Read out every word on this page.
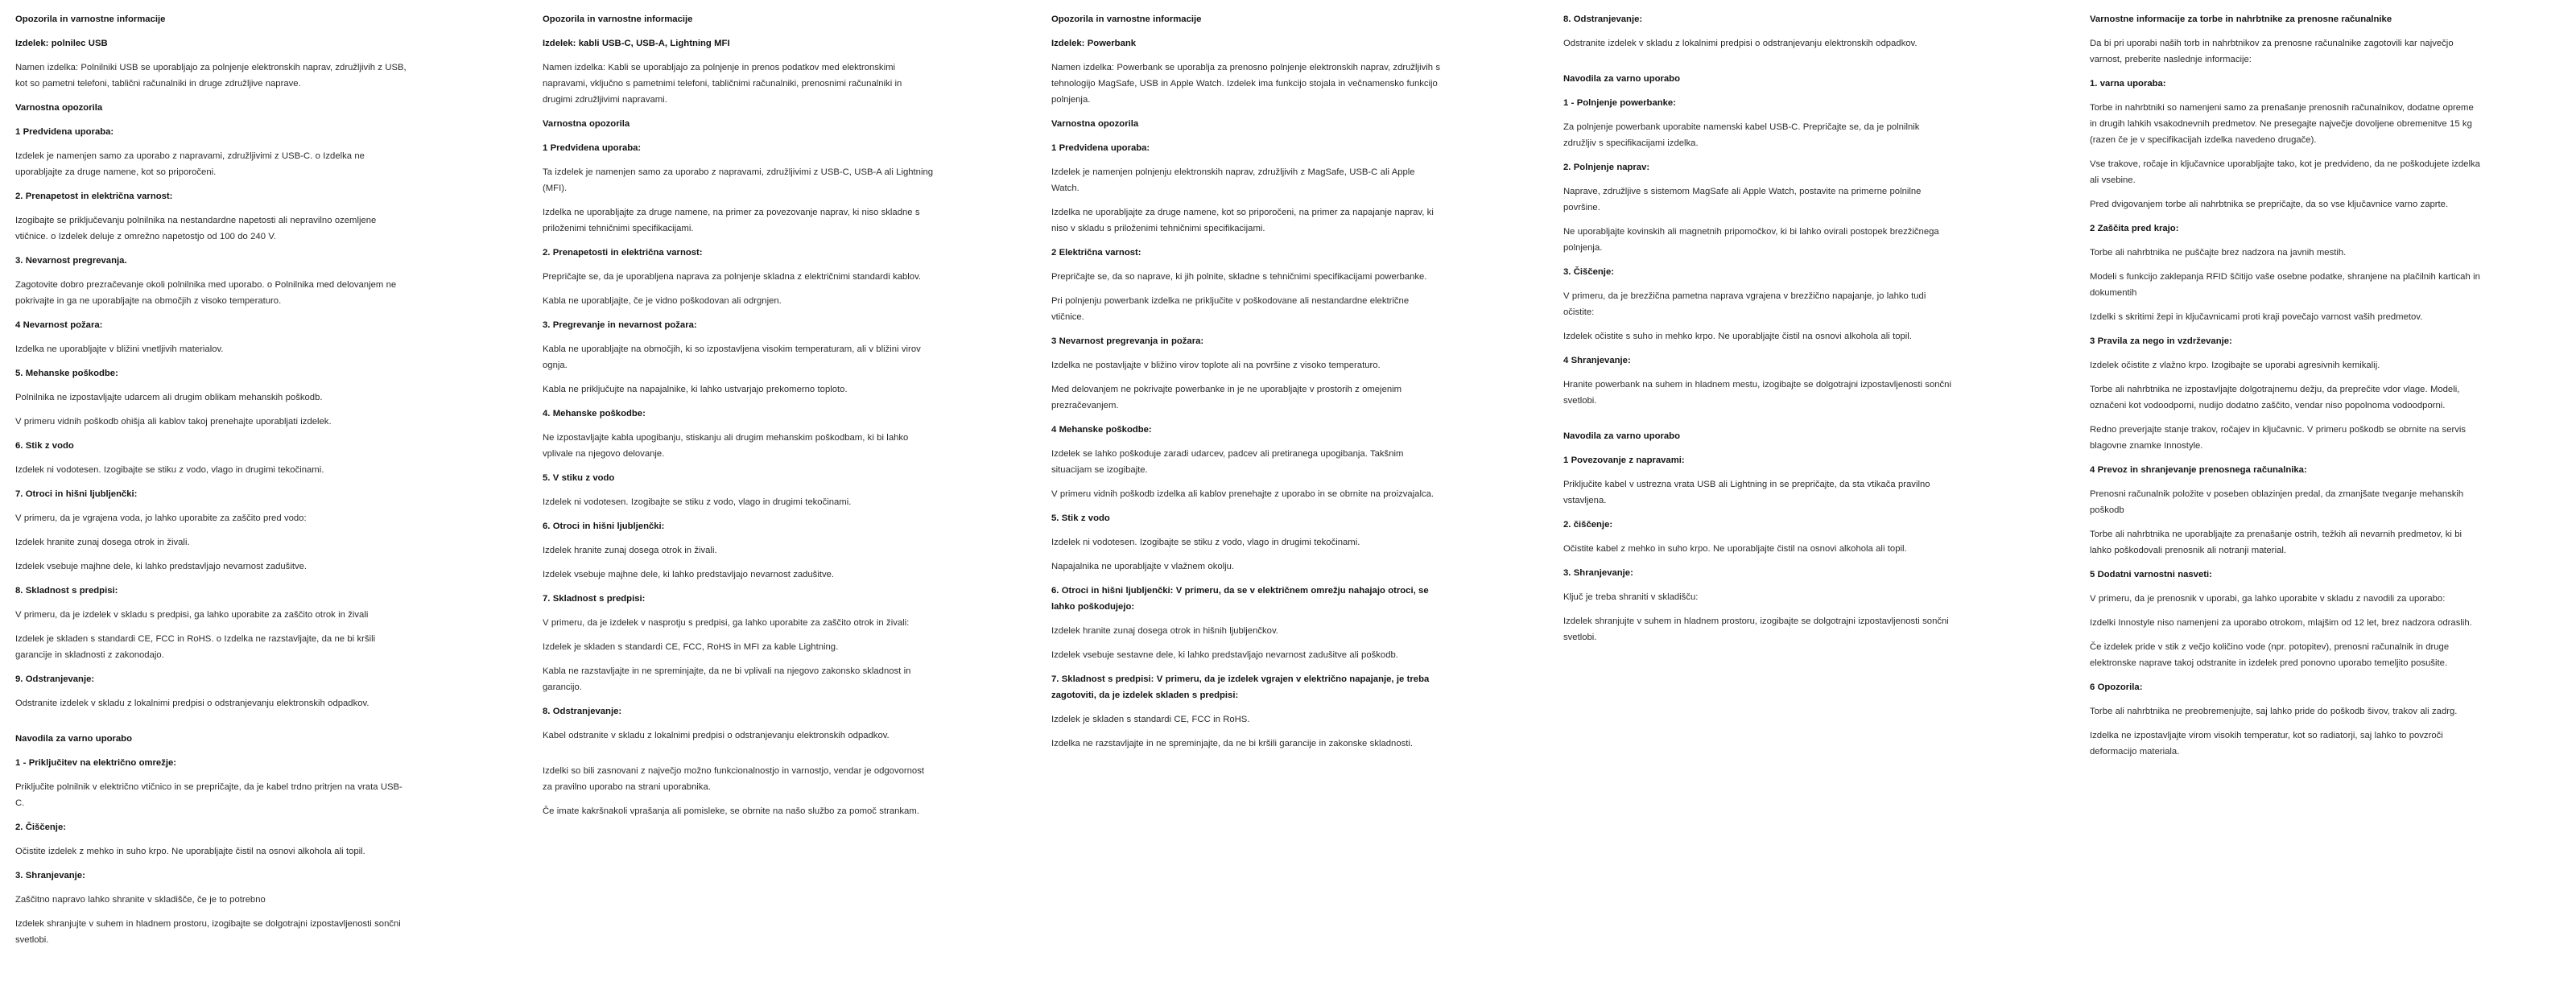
Opozorila in varnostne informacije
Izdelek: polnilec USB
Namen izdelka: Polnilniki USB se uporabljajo za polnjenje elektronskih naprav, združljivih z USB, kot so pametni telefoni, tablični računalniki in druge združljive naprave.
Varnostna opozorila
1 Predvidena uporaba:
Izdelek je namenjen samo za uporabo z napravami, združljivimi z USB-C. o Izdelka ne uporabljajte za druge namene, kot so priporočeni.
2. Prenapetost in električna varnost:
Izogibajte se priključevanju polnilnika na nestandardne napetosti ali nepravilno ozemljene vtičnice. o Izdelek deluje z omrežno napetostjo od 100 do 240 V.
3. Nevarnost pregrevanja.
Zagotovite dobro prezračevanje okoli polnilnika med uporabo. o Polnilnika med delovanjem ne pokrivajte in ga ne uporabljajte na območjih z visoko temperaturo.
4 Nevarnost požara:
Izdelka ne uporabljajte v bližini vnetljivih materialov.
5. Mehanske poškodbe:
Polnilnika ne izpostavljajte udarcem ali drugim oblikam mehanskih poškodb.
V primeru vidnih poškodb ohišja ali kablov takoj prenehajte uporabljati izdelek.
6. Stik z vodo
Izdelek ni vodotesen. Izogibajte se stiku z vodo, vlago in drugimi tekočinami.
7. Otroci in hišni ljubljenčki:
V primeru, da je vgrajena voda, jo lahko uporabite za zaščito pred vodo:
Izdelek hranite zunaj dosega otrok in živali.
Izdelek vsebuje majhne dele, ki lahko predstavljajo nevarnost zadušitve.
8. Skladnost s predpisi:
V primeru, da je izdelek v skladu s predpisi, ga lahko uporabite za zaščito otrok in živali
Izdelek je skladen s standardi CE, FCC in RoHS. o Izdelka ne razstavljajte, da ne bi kršili garancije in skladnosti z zakonodajo.
9. Odstranjevanje:
Odstranite izdelek v skladu z lokalnimi predpisi o odstranjevanju elektronskih odpadkov.
Navodila za varno uporabo
1 - Priključitev na električno omrežje:
Priključite polnilnik v električno vtičnico in se prepričajte, da je kabel trdno pritrjen na vrata USB-C.
2. Čiščenje:
Očistite izdelek z mehko in suho krpo. Ne uporabljajte čistil na osnovi alkohola ali topil.
3. Shranjevanje:
Zaščitno napravo lahko shranite v skladišče, če je to potrebno
Izdelek shranjujte v suhem in hladnem prostoru, izogibajte se dolgotrajni izpostavljenosti sončni svetlobi.
Opozorila in varnostne informacije
Izdelek: kabli USB-C, USB-A, Lightning MFI
Namen izdelka: Kabli se uporabljajo za polnjenje in prenos podatkov med elektronskimi napravami, vključno s pametnimi telefoni, tabličnimi računalniki, prenosnimi računalniki in drugimi združljivimi napravami.
Varnostna opozorila
1 Predvidena uporaba:
Ta izdelek je namenjen samo za uporabo z napravami, združljivimi z USB-C, USB-A ali Lightning (MFI).
Izdelka ne uporabljajte za druge namene, na primer za povezovanje naprav, ki niso skladne s priloženimi tehničnimi specifikacijami.
2. Prenapetosti in električna varnost:
Prepričajte se, da je uporabljena naprava za polnjenje skladna z električnimi standardi kablov.
Kabla ne uporabljajte, če je vidno poškodovan ali odrgnjen.
3. Pregrevanje in nevarnost požara:
Kabla ne uporabljajte na območjih, ki so izpostavljena visokim temperaturam, ali v bližini virov ognja.
Kabla ne priključujte na napajalnike, ki lahko ustvarjajo prekomerno toploto.
4. Mehanske poškodbe:
Ne izpostavljajte kabla upogibanju, stiskanju ali drugim mehanskim poškodbam, ki bi lahko vplivale na njegovo delovanje.
5. V stiku z vodo
Izdelek ni vodotesen. Izogibajte se stiku z vodo, vlago in drugimi tekočinami.
6. Otroci in hišni ljubljenčki:
Izdelek hranite zunaj dosega otrok in živali.
Izdelek vsebuje majhne dele, ki lahko predstavljajo nevarnost zadušitve.
7. Skladnost s predpisi:
V primeru, da je izdelek v nasprotju s predpisi, ga lahko uporabite za zaščito otrok in živali:
Izdelek je skladen s standardi CE, FCC, RoHS in MFI za kable Lightning.
Kabla ne razstavljajte in ne spreminjajte, da ne bi vplivali na njegovo zakonsko skladnost in garancijo.
8. Odstranjevanje:
Kabel odstranite v skladu z lokalnimi predpisi o odstranjevanju elektronskih odpadkov.
Izdelki so bili zasnovani z največjo možno funkcionalnostjo in varnostjo, vendar je odgovornost za pravilno uporabo na strani uporabnika.
Če imate kakršnakoli vprašanja ali pomisleke, se obrnite na našo službo za pomoč strankam.
Opozorila in varnostne informacije
Izdelek: Powerbank
Namen izdelka: Powerbank se uporablja za prenosno polnjenje elektronskih naprav, združljivih s tehnologijo MagSafe, USB in Apple Watch. Izdelek ima funkcijo stojala in večnamensko funkcijo polnjenja.
Varnostna opozorila
1 Predvidena uporaba:
Izdelek je namenjen polnjenju elektronskih naprav, združljivih z MagSafe, USB-C ali Apple Watch.
Izdelka ne uporabljajte za druge namene, kot so priporočeni, na primer za napajanje naprav, ki niso v skladu s priloženimi tehničnimi specifikacijami.
2 Električna varnost:
Prepričajte se, da so naprave, ki jih polnite, skladne s tehničnimi specifikacijami powerbanke.
Pri polnjenju powerbank izdelka ne priključite v poškodovane ali nestandardne električne vtičnice.
3 Nevarnost pregrevanja in požara:
Izdelka ne postavljajte v bližino virov toplote ali na površine z visoko temperaturo.
Med delovanjem ne pokrivajte powerbanke in je ne uporabljajte v prostorih z omejenim prezračevanjem.
4 Mehanske poškodbe:
Izdelek se lahko poškoduje zaradi udarcev, padcev ali pretiranega upogibanja. Takšnim situacijam se izogibajte.
V primeru vidnih poškodb izdelka ali kablov prenehajte z uporabo in se obrnite na proizvajalca.
5. Stik z vodo
Izdelek ni vodotesen. Izogibajte se stiku z vodo, vlago in drugimi tekočinami.
Napajalnika ne uporabljajte v vlažnem okolju.
6. Otroci in hišni ljubljenčki: V primeru, da se v električnem omrežju nahajajo otroci, se lahko poškodujejo:
Izdelek hranite zunaj dosega otrok in hišnih ljubljenčkov.
Izdelek vsebuje sestavne dele, ki lahko predstavljajo nevarnost zadušitve ali poškodb.
7. Skladnost s predpisi: V primeru, da je izdelek vgrajen v električno napajanje, je treba zagotoviti, da je izdelek skladen s predpisi:
Izdelek je skladen s standardi CE, FCC in RoHS.
Izdelka ne razstavljajte in ne spreminjajte, da ne bi kršili garancije in zakonske skladnosti.
8. Odstranjevanje:
Odstranite izdelek v skladu z lokalnimi predpisi o odstranjevanju elektronskih odpadkov.
Navodila za varno uporabo
1 - Polnjenje powerbanke:
Za polnjenje powerbank uporabite namenski kabel USB-C. Prepričajte se, da je polnilnik združljiv s specifikacijami izdelka.
2. Polnjenje naprav:
Naprave, združljive s sistemom MagSafe ali Apple Watch, postavite na primerne polnilne površine.
Ne uporabljajte kovinskih ali magnetnih pripomočkov, ki bi lahko ovirali postopek brezžičnega polnjenja.
3. Čiščenje:
V primeru, da je brezžična pametna naprava vgrajena v brezžično napajanje, jo lahko tudi očistite:
Izdelek očistite s suho in mehko krpo. Ne uporabljajte čistil na osnovi alkohola ali topil.
4 Shranjevanje:
Hranite powerbank na suhem in hladnem mestu, izogibajte se dolgotrajni izpostavljenosti sončni svetlobi.
Navodila za varno uporabo
1 Povezovanje z napravami:
Priključite kabel v ustrezna vrata USB ali Lightning in se prepričajte, da sta vtikača pravilno vstavljena.
2. čiščenje:
Očistite kabel z mehko in suho krpo. Ne uporabljajte čistil na osnovi alkohola ali topil.
3. Shranjevanje:
Ključ je treba shraniti v skladišču:
Izdelek shranjujte v suhem in hladnem prostoru, izogibajte se dolgotrajni izpostavljenosti sončni svetlobi.
Varnostne informacije za torbe in nahrbtnike za prenosne računalnike
Da bi pri uporabi naših torb in nahrbtnikov za prenosne računalnike zagotovili kar največjo varnost, preberite naslednje informacije:
1. varna uporaba:
Torbe in nahrbtniki so namenjeni samo za prenašanje prenosnih računalnikov, dodatne opreme in drugih lahkih vsakodnevnih predmetov. Ne presegajte največje dovoljene obremenitve 15 kg (razen če je v specifikacijah izdelka navedeno drugače).
Vse trakove, ročaje in ključavnice uporabljajte tako, kot je predvideno, da ne poškodujete izdelka ali vsebine.
Pred dvigovanjem torbe ali nahrbtnika se prepričajte, da so vse ključavnice varno zaprte.
2 Zaščita pred krajo:
Torbe ali nahrbtnika ne puščajte brez nadzora na javnih mestih.
Modeli s funkcijo zaklepanja RFID ščitijo vaše osebne podatke, shranjene na plačilnih karticah in dokumentih
Izdelki s skritimi žepi in ključavnicami proti kraji povečajo varnost vaših predmetov.
3 Pravila za nego in vzdrževanje:
Izdelek očistite z vlažno krpo. Izogibajte se uporabi agresivnih kemikalij.
Torbe ali nahrbtnika ne izpostavljajte dolgotrajnemu dežju, da preprečite vdor vlage. Modeli, označeni kot vodoodporni, nudijo dodatno zaščito, vendar niso popolnoma vodoodporni.
Redno preverjajte stanje trakov, ročajev in ključavnic. V primeru poškodb se obrnite na servis blagovne znamke Innostyle.
4 Prevoz in shranjevanje prenosnega računalnika:
Prenosni računalnik položite v poseben oblazinjen predal, da zmanjšate tveganje mehanskih poškodb
Torbe ali nahrbtnika ne uporabljajte za prenašanje ostrih, težkih ali nevarnih predmetov, ki bi lahko poškodovali prenosnik ali notranji material.
5 Dodatni varnostni nasveti:
V primeru, da je prenosnik v uporabi, ga lahko uporabite v skladu z navodili za uporabo:
Izdelki Innostyle niso namenjeni za uporabo otrokom, mlajšim od 12 let, brez nadzora odraslih.
Če izdelek pride v stik z večjo količino vode (npr. potopitev), prenosni računalnik in druge elektronske naprave takoj odstranite in izdelek pred ponovno uporabo temeljito posušite.
6 Opozorila:
Torbe ali nahrbtnika ne preobremenjujte, saj lahko pride do poškodb šivov, trakov ali zadrg.
Izdelka ne izpostavljajte virom visokih temperatur, kot so radiatorji, saj lahko to povzroči deformacijo materiala.
